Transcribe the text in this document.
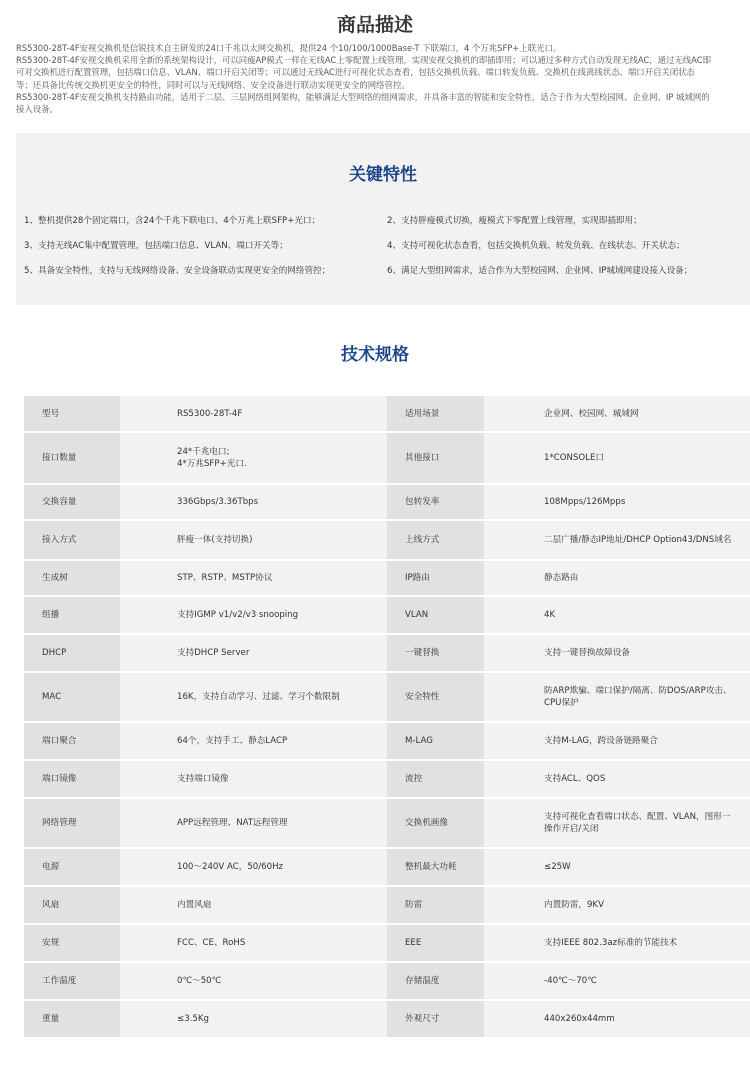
商品描述
RS5300-28T-4F安视交换机是信锐技术自主研发的24口千兆以太网交换机，提供24 个10/100/1000Base-T 下联端口，4 个万兆SFP+上联光口。
RS5300-28T-4F安视交换机采用全新的系统架构设计，可以同瘦AP模式一样在无线AC上零配置上线管理，实现安视交换机的即插即用；可以通过多种方式自动发现无线AC，通过无线AC即
可对交换机进行配置管理，包括端口信息、VLAN、端口开启关闭等；可以通过无线AC进行可视化状态查看，包括交换机负载、端口转发负载、交换机在线离线状态、端口开启关闭状态
等；还具备比传统交换机更安全的特性，同时可以与无线网络、安全设备进行联动实现更安全的网络管控。
RS5300-28T-4F安视交换机支持路由功能，适用于二层、三层网络组网架构，能够满足大型网络的组网需求，并具备丰富的智能和安全特性，适合于作为大型校园网、企业网、IP 城域网的
接入设备。
关键特性
1、整机提供28个固定端口，含24个千兆下联电口、4个万兆上联SFP+光口；	2、支持胖瘦模式切换，瘦模式下零配置上线管理，实现即插即用；
3、支持无线AC集中配置管理，包括端口信息、VLAN、端口开关等；	4、支持可视化状态查看，包括交换机负载、转发负载、在线状态、开关状态；
5、具备安全特性，支持与无线网络设备、安全设备联动实现更安全的网络管控；	6、满足大型组网需求，适合作为大型校园网、企业网、IP城域网建设接入设备；
技术规格
型号	RS5300-28T-4F	适用场景	企业网、校园网、城域网
接口数量	24*千兆电口;
4*万兆SFP+光口.	其他接口	1*CONSOLE口
交换容量	336Gbps/3.36Tbps	包转发率	108Mpps/126Mpps
接入方式	胖瘦一体(支持切换)	上线方式	二层广播/静态IP地址/DHCP Option43/DNS域名
生成树	STP、RSTP、MSTP协议	IP路由	静态路由
组播	支持IGMP v1/v2/v3 snooping	VLAN	4K
DHCP	支持DHCP Server	一键替换	支持一键替换故障设备
MAC	16K，支持自动学习、过滤、学习个数限制	安全特性	防ARP欺骗、端口保护/隔离、防DOS/ARP攻击、
CPU保护
端口聚合	64个，支持手工、静态LACP	M-LAG	支持M-LAG，跨设备链路聚合
端口镜像	支持端口镜像	流控	支持ACL、QOS
网络管理	APP远程管理、NAT远程管理	交换机画像	支持可视化查看端口状态、配置、VLAN，图形一
操作开启/关闭
电源	100～240V AC，50/60Hz	整机最大功耗	≤25W
风扇	内置风扇	防雷	内置防雷，9KV
安规	FCC、CE、RoHS	EEE	支持IEEE 802.3az标准的节能技术
工作温度	0℃～50℃	存储温度	-40℃～70℃
重量	≤3.5Kg	外观尺寸	440x260x44mm
